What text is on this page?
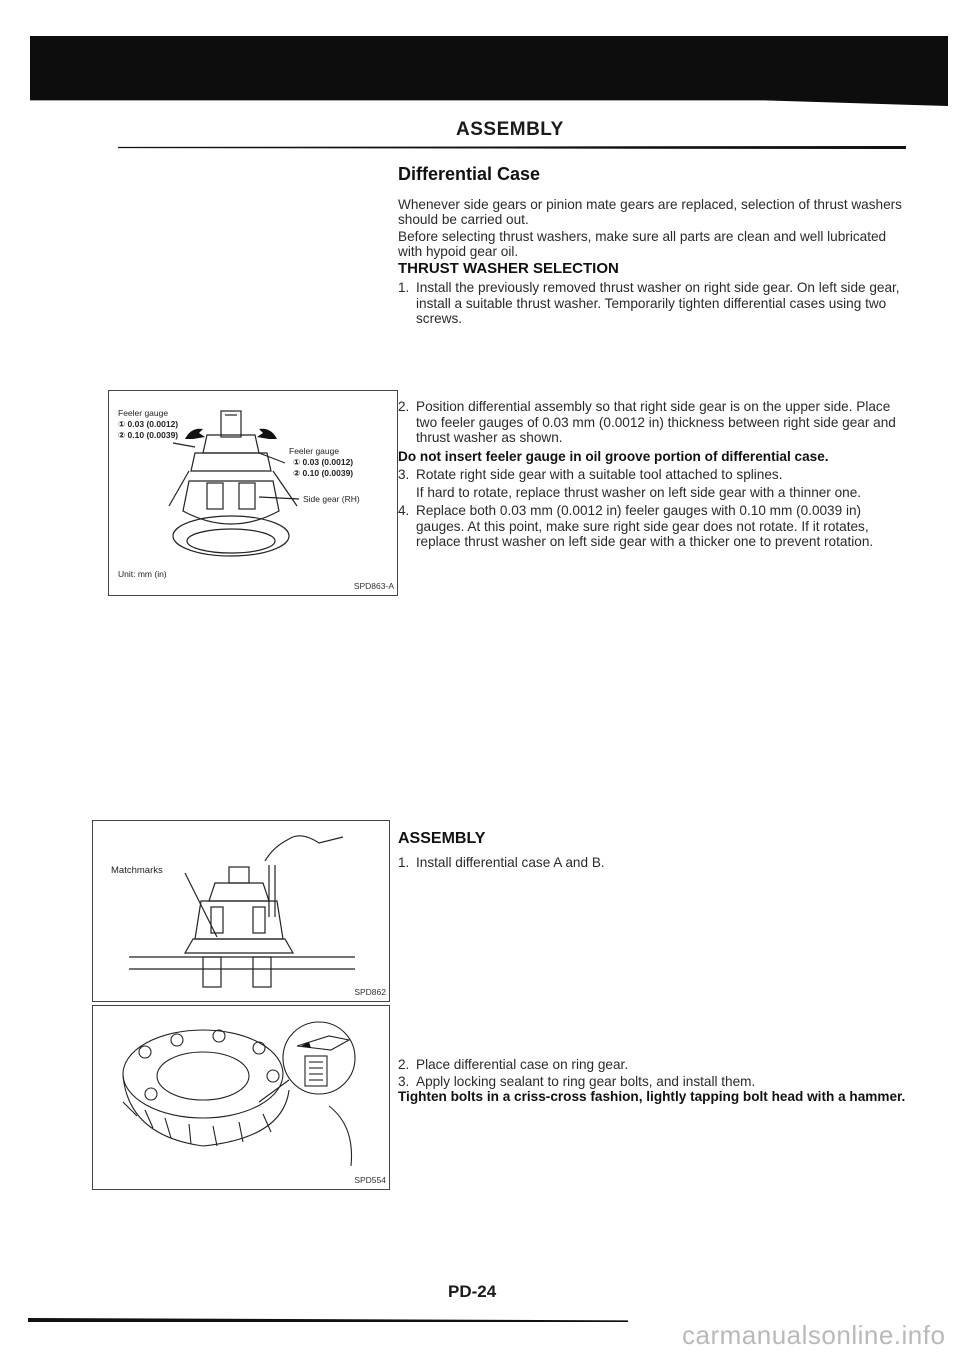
ASSEMBLY
Differential Case

Whenever side gears or pinion mate gears are replaced, selection of thrust washers should be carried out.

Before selecting thrust washers, make sure all parts are clean and well lubricated with hypoid gear oil.

THRUST WASHER SELECTION
1. Install the previously removed thrust washer on right side gear. On left side gear, install a suitable thrust washer. Temporarily tighten differential cases using two screws.
2. Position differential assembly so that right side gear is on the upper side. Place two feeler gauges of 0.03 mm (0.0012 in) thickness between right side gear and thrust washer as shown.

Do not insert feeler gauge in oil groove portion of differential case.

3. Rotate right side gear with a suitable tool attached to splines.
If hard to rotate, replace thrust washer on left side gear with a thinner one.
4. Replace both 0.03 mm (0.0012 in) feeler gauges with 0.10 mm (0.0039 in) gauges. At this point, make sure right side gear does not rotate. If it rotates, replace thrust washer on left side gear with a thicker one to prevent rotation.
ASSEMBLY
1. Install differential case A and B.
2. Place differential case on ring gear.
3. Apply locking sealant to ring gear bolts, and install them.

Tighten bolts in a criss-cross fashion, lightly tapping bolt head with a hammer.

Feeler gauge
① 0.03 (0.0012)
② 0.10 (0.0039)
Feeler gauge
① 0.03 (0.0012)
② 0.10 (0.0039)
Side gear (RH)
Unit: mm (in)
SPD863-A
Matchmarks
SPD862
SPD554
PD-24
carmanualsonline.info
